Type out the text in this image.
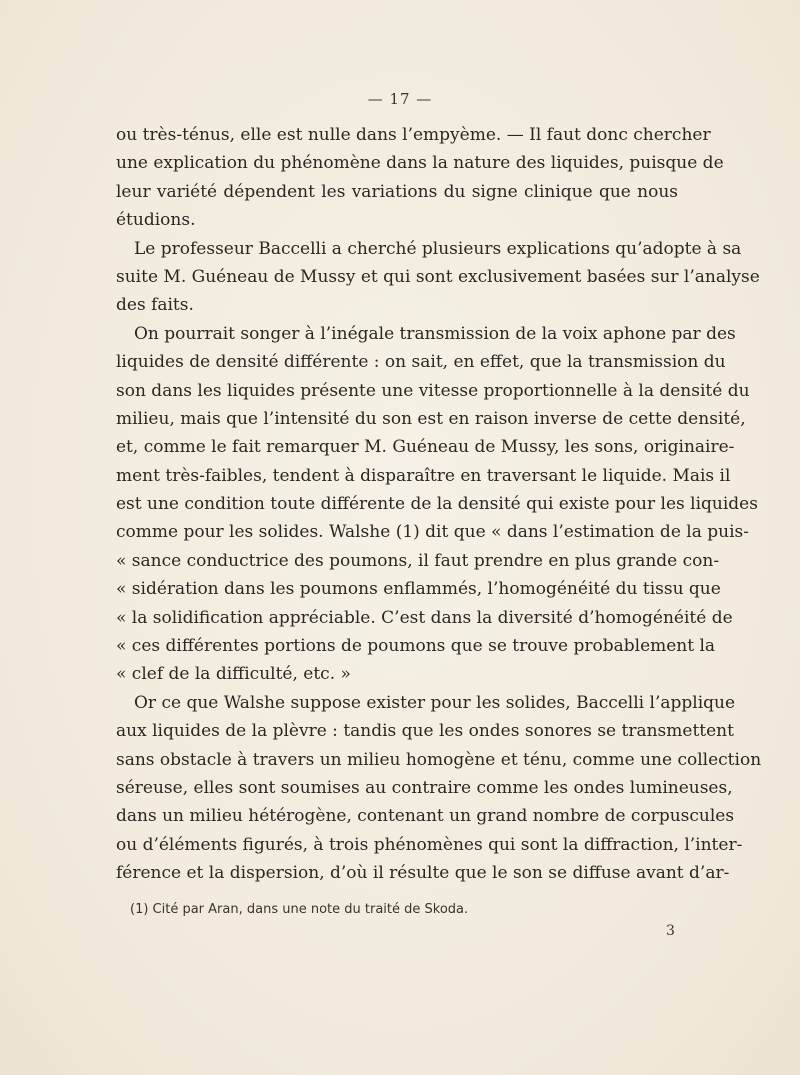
— 17 —
ou très-ténus, elle est nulle dans l’empyème. — Il faut donc chercher
une explication du phénomène dans la nature des liquides, puisque de
leur variété dépendent les variations du signe clinique que nous
étudions.
Le professeur Baccelli a cherché plusieurs explications qu’adopte à sa
suite M. Guéneau de Mussy et qui sont exclusivement basées sur l’analyse
des faits.
On pourrait songer à l’inégale transmission de la voix aphone par des
liquides de densité différente : on sait, en effet, que la transmission du
son dans les liquides présente une vitesse proportionnelle à la densité du
milieu, mais que l’intensité du son est en raison inverse de cette densité,
et, comme le fait remarquer M. Guéneau de Mussy, les sons, originaire-
ment très-faibles, tendent à disparaître en traversant le liquide. Mais il
est une condition toute différente de la densité qui existe pour les liquides
comme pour les solides. Walshe (1) dit que « dans l’estimation de la puis-
« sance conductrice des poumons, il faut prendre en plus grande con-
« sidération dans les poumons enflammés, l’homogénéité du tissu que
« la solidification appréciable. C’est dans la diversité d’homogénéité de
« ces différentes portions de poumons que se trouve probablement la
« clef de la difficulté, etc. »
Or ce que Walshe suppose exister pour les solides, Baccelli l’applique
aux liquides de la plèvre : tandis que les ondes sonores se transmettent
sans obstacle à travers un milieu homogène et ténu, comme une collection
séreuse, elles sont soumises au contraire comme les ondes lumineuses,
dans un milieu hétérogène, contenant un grand nombre de corpuscules
ou d’éléments figurés, à trois phénomènes qui sont la diffraction, l’inter-
férence et la dispersion, d’où il résulte que le son se diffuse avant d’ar-
(1) Cité par Aran, dans une note du traité de Skoda.
3
